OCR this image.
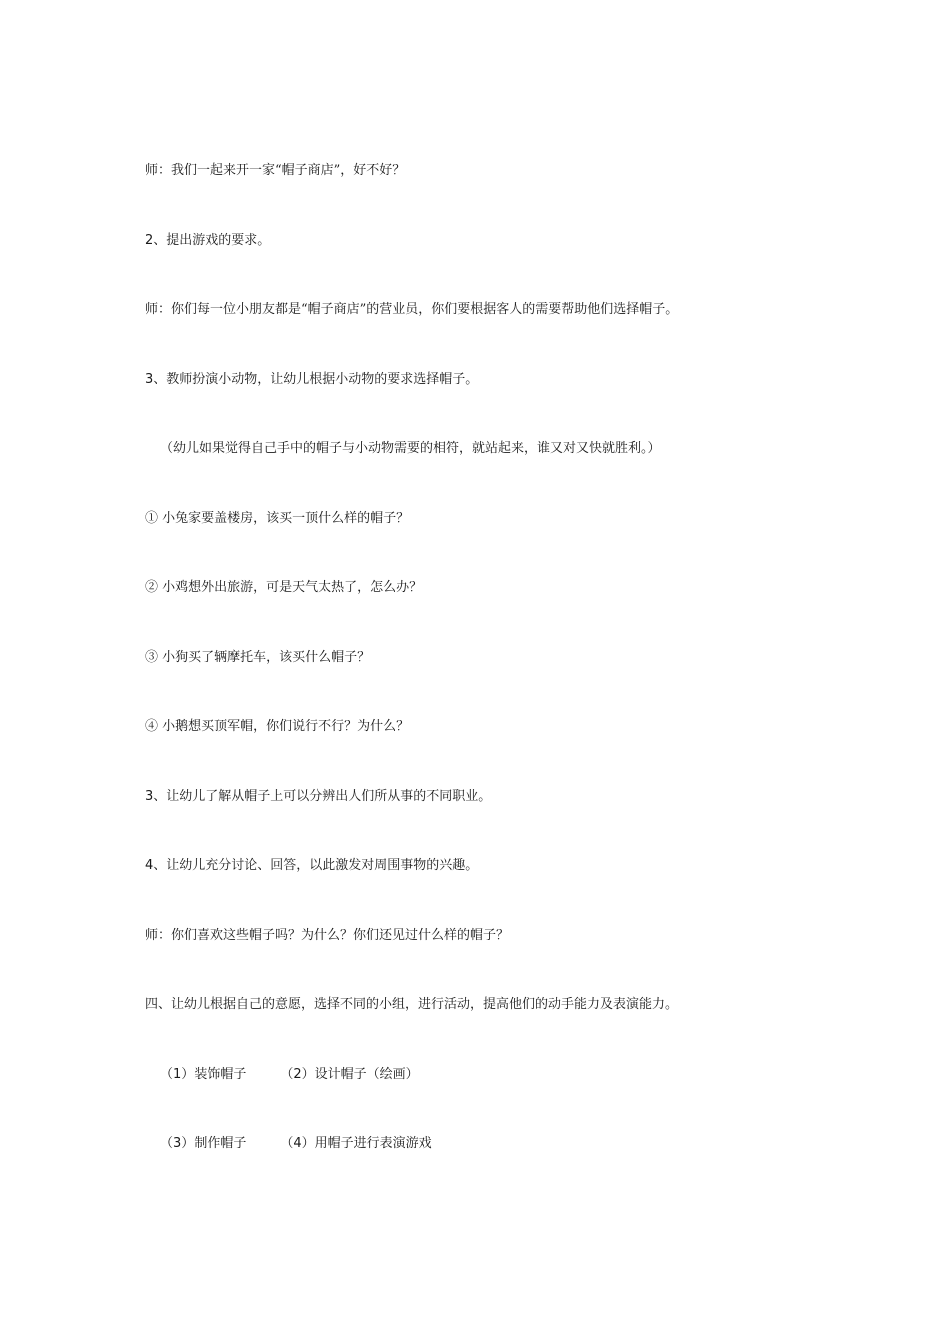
师：我们一起来开一家“帽子商店”，好不好？

2、提出游戏的要求。

师：你们每一位小朋友都是“帽子商店”的营业员，你们要根据客人的需要帮助他们选择帽子。

3、教师扮演小动物，让幼儿根据小动物的要求选择帽子。

（幼儿如果觉得自己手中的帽子与小动物需要的相符，就站起来，谁又对又快就胜利。）

① 小兔家要盖楼房，该买一顶什么样的帽子？

② 小鸡想外出旅游，可是天气太热了，怎么办？

③ 小狗买了辆摩托车，该买什么帽子？

④ 小鹅想买顶军帽，你们说行不行？为什么？

3、让幼儿了解从帽子上可以分辨出人们所从事的不同职业。

4、让幼儿充分讨论、回答，以此激发对周围事物的兴趣。

师：你们喜欢这些帽子吗？为什么？你们还见过什么样的帽子？

四、让幼儿根据自己的意愿，选择不同的小组，进行活动，提高他们的动手能力及表演能力。

（1）装饰帽子	（2）设计帽子（绘画）

（3）制作帽子	（4）用帽子进行表演游戏
